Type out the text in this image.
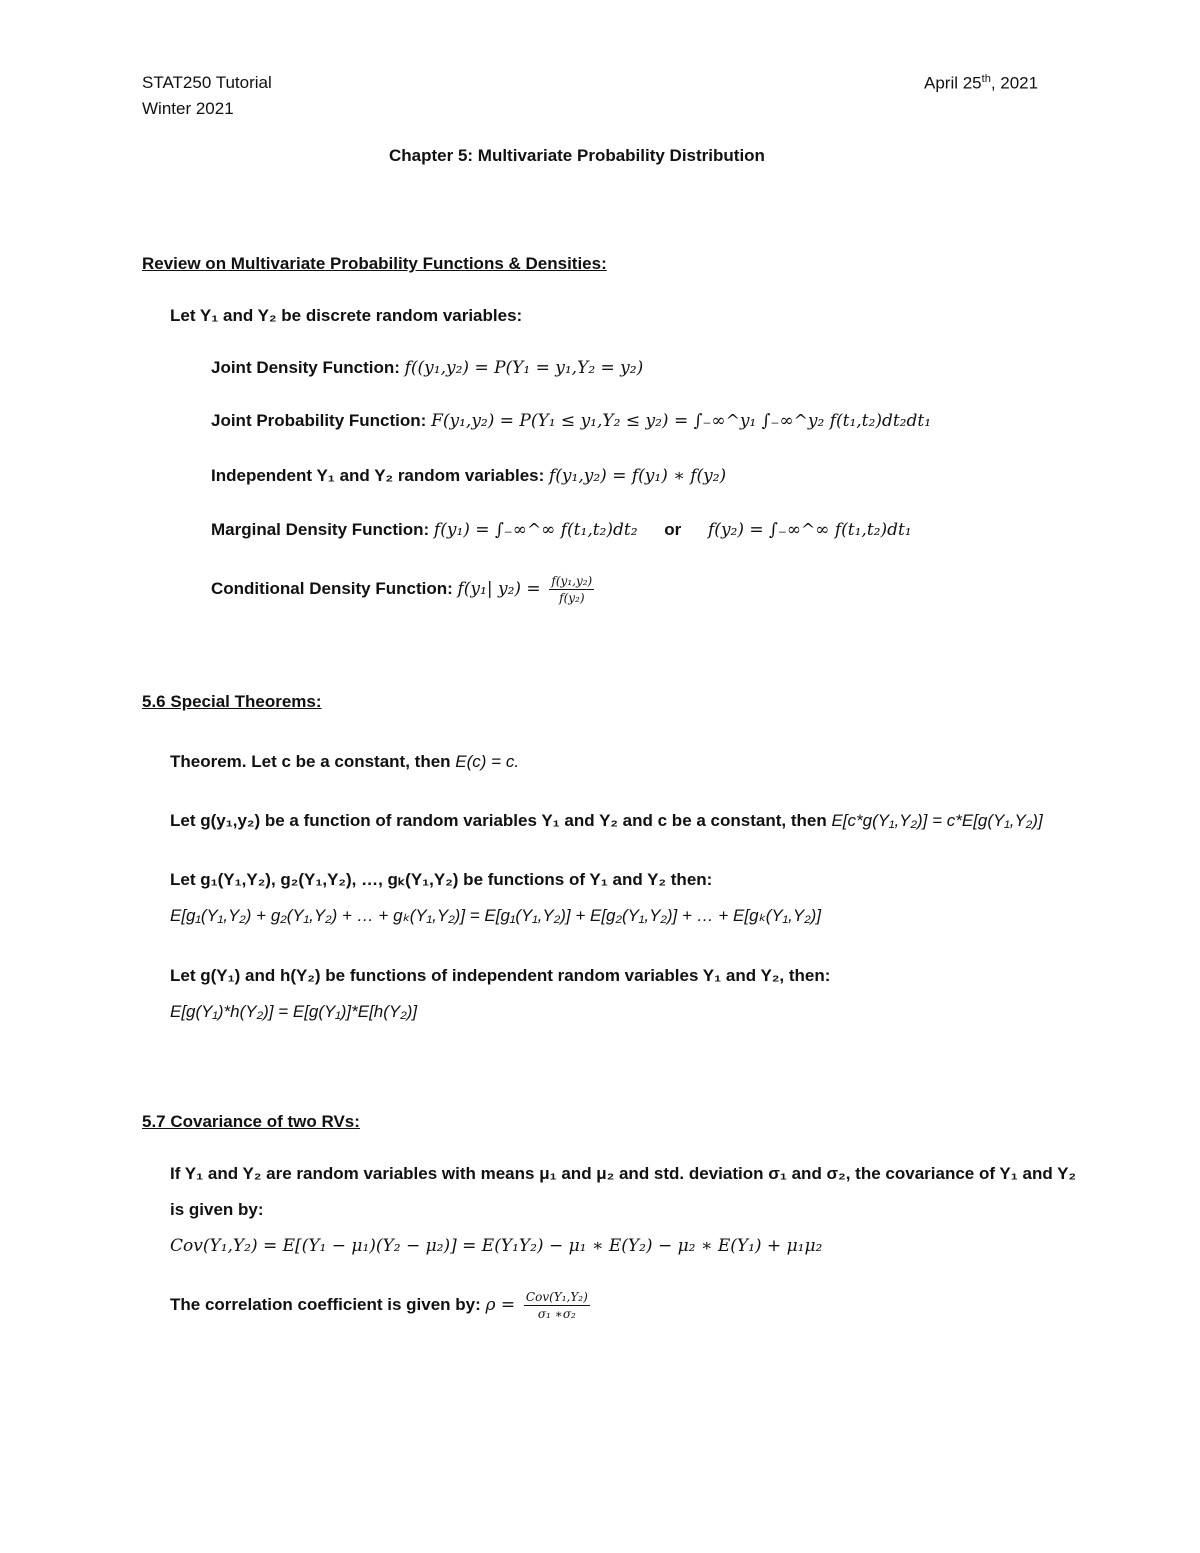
STAT250 Tutorial
Winter 2021
April 25th, 2021
Chapter 5: Multivariate Probability Distribution
Review on Multivariate Probability Functions & Densities:
Let Y₁ and Y₂ be discrete random variables:
Joint Density Function: f((y₁,y₂) = P(Y₁ = y₁,Y₂ = y₂)
Joint Probability Function: F(y₁,y₂) = P(Y₁ ≤ y₁,Y₂ ≤ y₂) = ∫₋∞^y₁ ∫₋∞^y₂ f(t₁,t₂)dt₂dt₁
Independent Y₁ and Y₂ random variables: f(y₁,y₂) = f(y₁) ∗ f(y₂)
Marginal Density Function: f(y₁) = ∫₋∞^∞ f(t₁,t₂)dt₂ or f(y₂) = ∫₋∞^∞ f(t₁,t₂)dt₁
Conditional Density Function: f(y₁| $y_2) = \frac{\text{f(y₁,y₂)}}{\text{f(y₂)}}$
5.6 Special Theorems:
Theorem. Let c be a constant, then E(c) = c.
Let g(y₁,y₂) be a function of random variables Y₁ and Y₂ and c be a constant, then E[c*g(Y₁,Y₂)] = c*E[g(Y₁,Y₂)]
Let g₁(Y₁,Y₂), g₂(Y₁,Y₂), …, gₖ(Y₁,Y₂) be functions of Y₁ and Y₂ then:
E[g₁(Y₁,Y₂) + g₂(Y₁,Y₂) + … + gₖ(Y₁,Y₂)] = E[g₁(Y₁,Y₂)] + E[g₂(Y₁,Y₂)] + … + E[gₖ(Y₁,Y₂)]
Let g(Y₁) and h(Y₂) be functions of independent random variables Y₁ and Y₂, then:
E[g(Y₁)*h(Y₂)] = E[g(Y₁)]*E[h(Y₂)]
5.7 Covariance of two RVs:
If Y₁ and Y₂ are random variables with means μ₁ and μ₂ and std. deviation σ₁ and σ₂, the covariance of Y₁ and Y₂
is given by:
Cov(Y₁,Y₂) = E[(Y₁ − μ₁)(Y₂ − μ₂)] = E(Y₁Y₂) − μ₁ ∗ E(Y₂) − μ₂ ∗ E(Y₁) + μ₁μ₂
The correlation coefficient is given by: $\rho = \frac{\text{Cov(Y₁,Y₂)}}{\text{σ₁ ∗σ₂}}$
